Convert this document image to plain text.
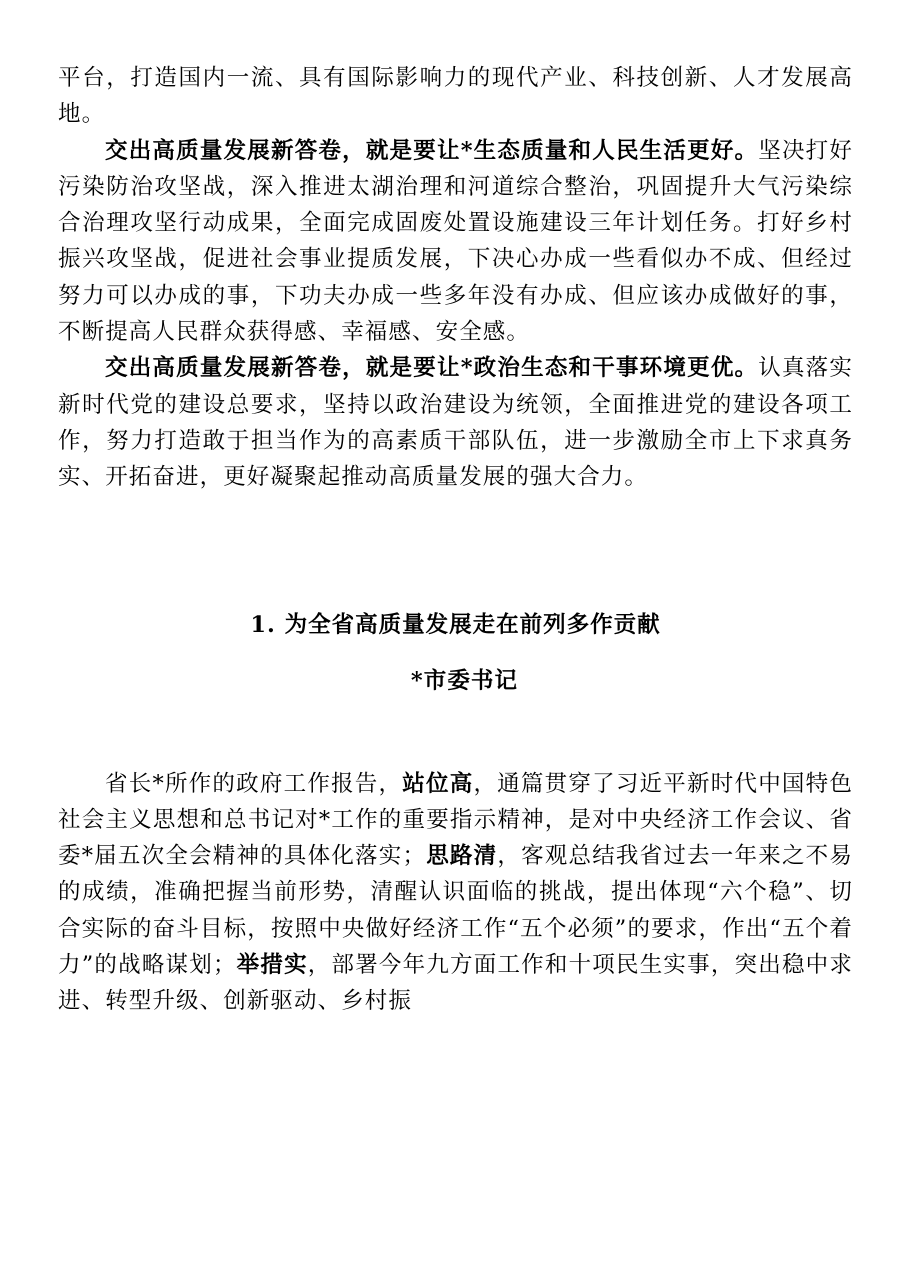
平台，打造国内一流、具有国际影响力的现代产业、科技创新、人才发展高地。

交出高质量发展新答卷，就是要让*生态质量和人民生活更好。坚决打好污染防治攻坚战，深入推进太湖治理和河道综合整治，巩固提升大气污染综合治理攻坚行动成果，全面完成固废处置设施建设三年计划任务。打好乡村振兴攻坚战，促进社会事业提质发展，下决心办成一些看似办不成、但经过努力可以办成的事，下功夫办成一些多年没有办成、但应该办成做好的事，不断提高人民群众获得感、幸福感、安全感。

交出高质量发展新答卷，就是要让*政治生态和干事环境更优。认真落实新时代党的建设总要求，坚持以政治建设为统领，全面推进党的建设各项工作，努力打造敢于担当作为的高素质干部队伍，进一步激励全市上下求真务实、开拓奋进，更好凝聚起推动高质量发展的强大合力。

1. 为全省高质量发展走在前列多作贡献

*市委书记

省长*所作的政府工作报告，站位高，通篇贯穿了习近平新时代中国特色社会主义思想和总书记对*工作的重要指示精神，是对中央经济工作会议、省委*届五次全会精神的具体化落实；思路清，客观总结我省过去一年来之不易的成绩，准确把握当前形势，清醒认识面临的挑战，提出体现“六个稳”、切合实际的奋斗目标，按照中央做好经济工作“五个必须”的要求，作出“五个着力”的战略谋划；举措实，部署今年九方面工作和十项民生实事，突出稳中求进、转型升级、创新驱动、乡村振
